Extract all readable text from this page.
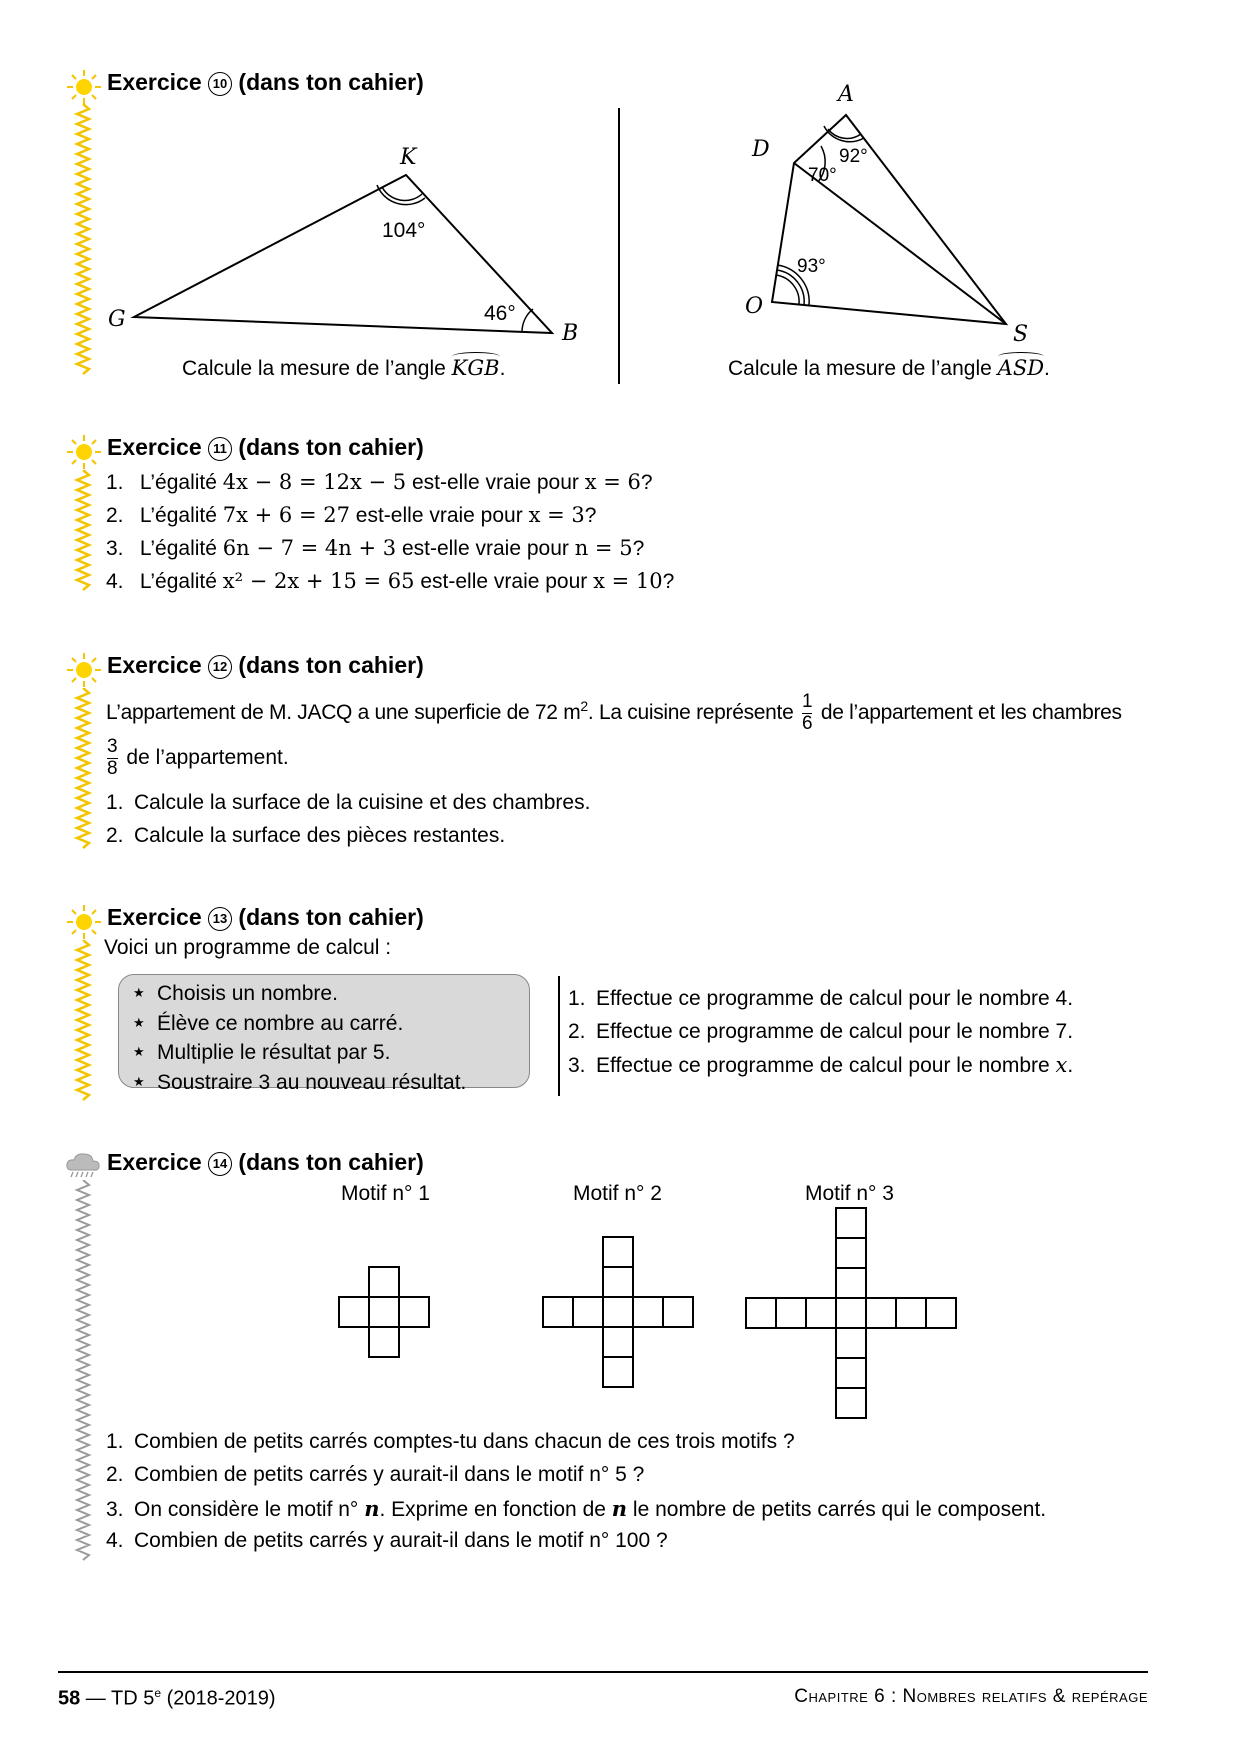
Exercice 10 (dans ton cahier)
K
G
B
104°
46°
Calcule la mesure de l’angle KGB.
A
D
O
S
92°
70°
93°
Calcule la mesure de l’angle ASD.
Exercice 11 (dans ton cahier)
1. L’égalité 4x − 8 = 12x − 5 est-elle vraie pour x = 6?
2. L’égalité 7x + 6 = 27 est-elle vraie pour x = 3?
3. L’égalité 6n − 7 = 4n + 3 est-elle vraie pour n = 5?
4. L’égalité x² − 2x + 15 = 65 est-elle vraie pour x = 10?
Exercice 12 (dans ton cahier)
L’appartement de M. JACQ a une superficie de 72 $m^2$. La cuisine représente $\frac{1}{6}$ de l’appartement et les chambres
$\frac{3}{8}$ de l’appartement.
1. Calcule la surface de la cuisine et des chambres.
2. Calcule la surface des pièces restantes.
Exercice 13 (dans ton cahier)
Voici un programme de calcul :
★ Choisis un nombre.
★ Élève ce nombre au carré.
★ Multiplie le résultat par 5.
★ Soustraire 3 au nouveau résultat.
1. Effectue ce programme de calcul pour le nombre 4.
2. Effectue ce programme de calcul pour le nombre 7.
3. Effectue ce programme de calcul pour le nombre x.
Exercice 14 (dans ton cahier)
Motif n° 1	Motif n° 2	Motif n° 3
1. Combien de petits carrés comptes-tu dans chacun de ces trois motifs ?
2. Combien de petits carrés y aurait-il dans le motif n° 5 ?
3. On considère le motif n° n. Exprime en fonction de n le nombre de petits carrés qui le composent.
4. Combien de petits carrés y aurait-il dans le motif n° 100 ?
58 — TD 5e (2018-2019)	Chapitre 6 : Nombres relatifs & repérage
